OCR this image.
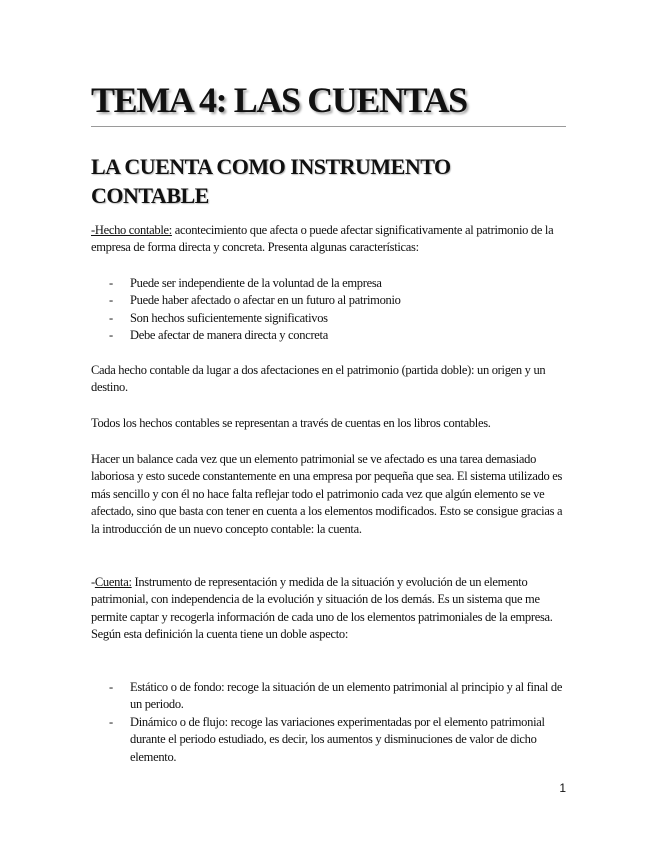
TEMA 4: LAS CUENTAS
LA CUENTA COMO INSTRUMENTO CONTABLE
-Hecho contable: acontecimiento que afecta o puede afectar significativamente al patrimonio de la empresa de forma directa y concreta. Presenta algunas características:
- Puede ser independiente de la voluntad de la empresa
- Puede haber afectado o afectar en un futuro al patrimonio
- Son hechos suficientemente significativos
- Debe afectar de manera directa y concreta
Cada hecho contable da lugar a dos afectaciones en el patrimonio (partida doble): un origen y un destino.
Todos los hechos contables se representan a través de cuentas en los libros contables.
Hacer un balance cada vez que un elemento patrimonial se ve afectado es una tarea demasiado laboriosa y esto sucede constantemente en una empresa por pequeña que sea. El sistema utilizado es más sencillo y con él no hace falta reflejar todo el patrimonio cada vez que algún elemento se ve afectado, sino que basta con tener en cuenta a los elementos modificados. Esto se consigue gracias a la introducción de un nuevo concepto contable: la cuenta.
-Cuenta: Instrumento de representación y medida de la situación y evolución de un elemento patrimonial, con independencia de la evolución y situación de los demás. Es un sistema que me permite captar y recogerla información de cada uno de los elementos patrimoniales de la empresa.
Según esta definición la cuenta tiene un doble aspecto:
- Estático o de fondo: recoge la situación de un elemento patrimonial al principio y al final de un periodo.
- Dinámico o de flujo: recoge las variaciones experimentadas por el elemento patrimonial durante el periodo estudiado, es decir, los aumentos y disminuciones de valor de dicho elemento.
1
